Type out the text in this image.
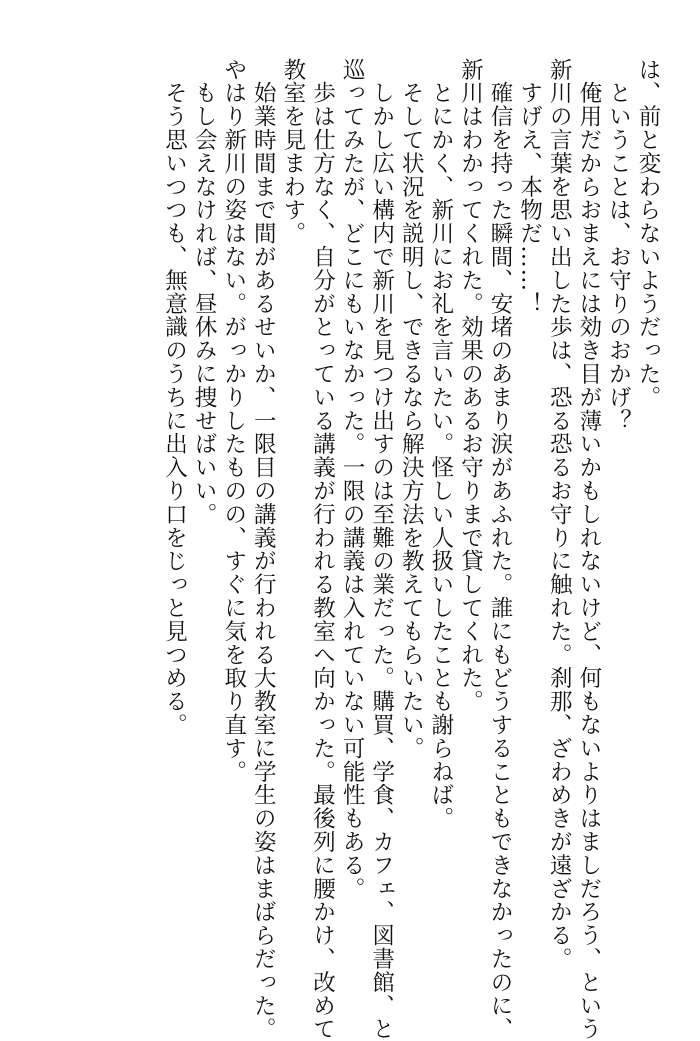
は、前と変わらないようだった。

　ということは、お守りのおかげ？

　俺用だからおまえには効き目が薄いかもしれないけど、何もないよりはましだろう、という

新川の言葉を思い出した歩は、恐る恐るお守りに触れた。刹那、ざわめきが遠ざかる。

　すげえ、本物だ……！

　確信を持った瞬間、安堵のあまり涙があふれた。誰にもどうすることもできなかったのに、

新川はわかってくれた。効果のあるお守りまで貸してくれた。

　とにかく、新川にお礼を言いたい。怪しい人扱いしたことも謝らねば。

　そして状況を説明し、できるなら解決方法を教えてもらいたい。

　しかし広い構内で新川を見つけ出すのは至難の業だった。購買、学食、カフェ、図書館、と

巡ってみたが、どこにもいなかった。一限の講義は入れていない可能性もある。

　歩は仕方なく、自分がとっている講義が行われる教室へ向かった。最後列に腰かけ、改めて

教室を見まわす。

　始業時間まで間があるせいか、一限目の講義が行われる大教室に学生の姿はまばらだった。

やはり新川の姿はない。がっかりしたものの、すぐに気を取り直す。

　もし会えなければ、昼休みに捜せばいい。

　そう思いつつも、無意識のうちに出入り口をじっと見つめる。
